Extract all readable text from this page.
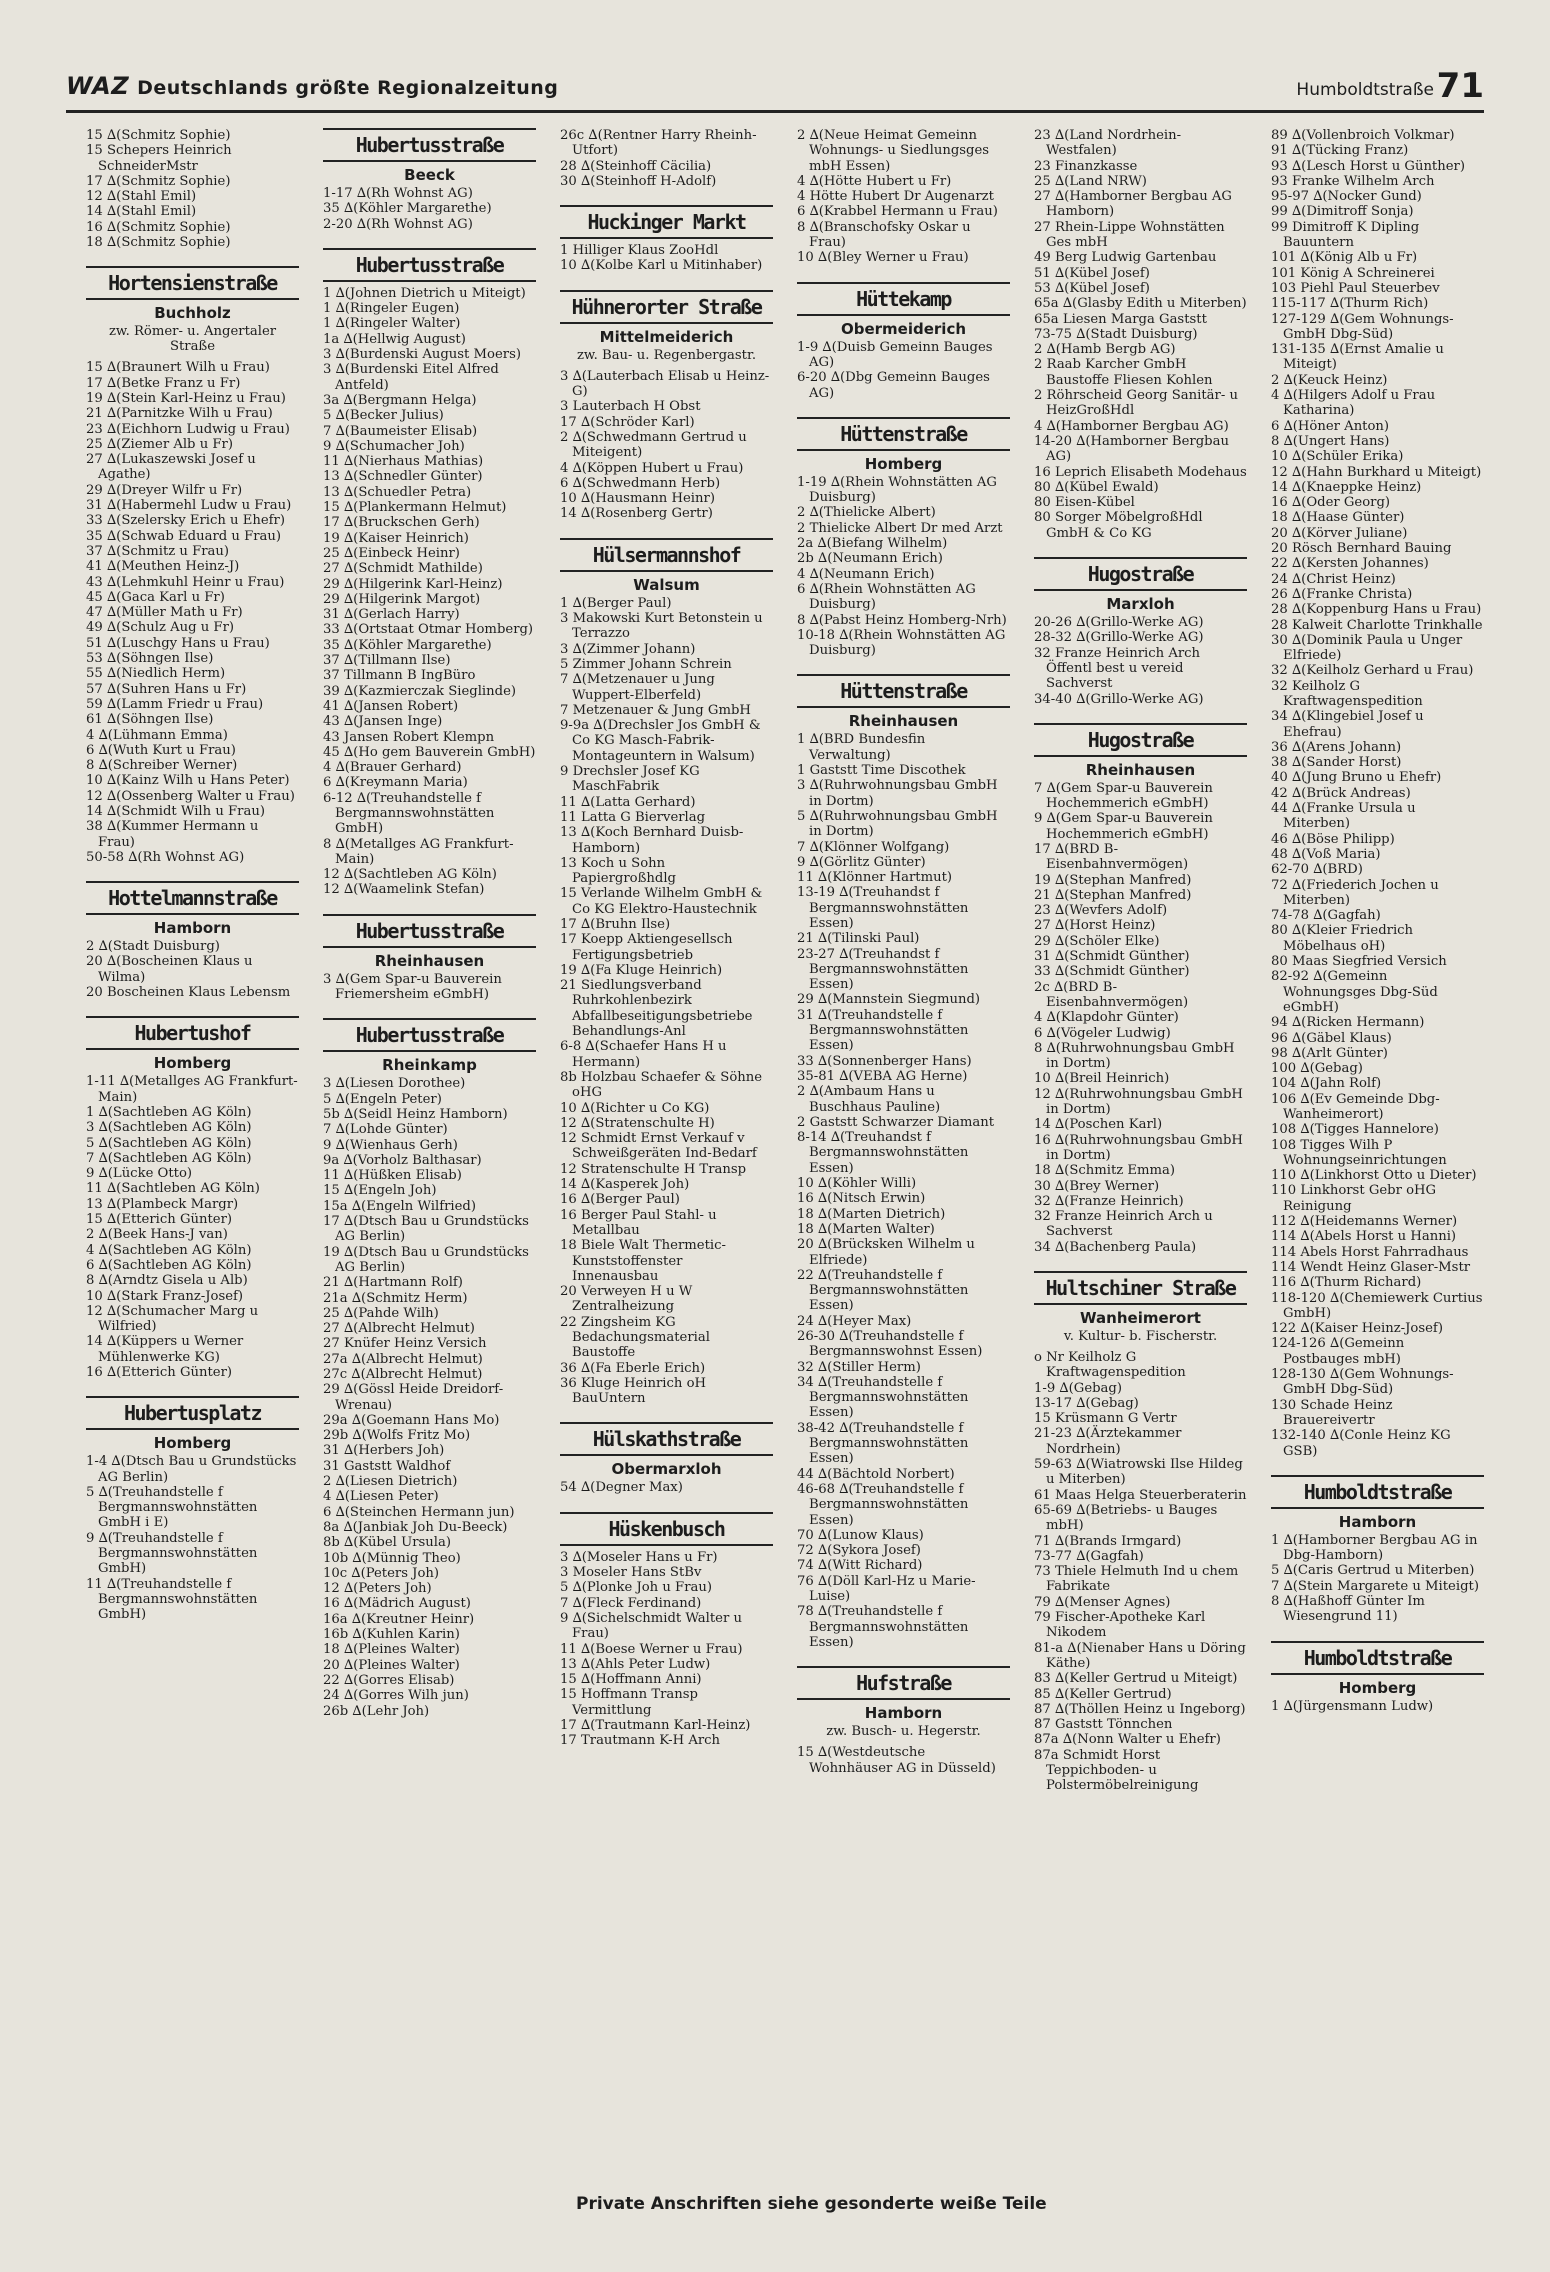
WAZ Deutschlands größte Regionalzeitung	Humboldtstraße 71
15 ∆(Schmitz Sophie)
15 Schepers Heinrich SchneiderMstr
17 ∆(Schmitz Sophie)
12 ∆(Stahl Emil)
14 ∆(Stahl Emil)
16 ∆(Schmitz Sophie)
18 ∆(Schmitz Sophie)
Hortensienstraße
Buchholz
zw. Römer- u. Angertaler Straße
15 ∆(Braunert Wilh u Frau)
17 ∆(Betke Franz u Fr)
19 ∆(Stein Karl-Heinz u Frau)
21 ∆(Parnitzke Wilh u Frau)
23 ∆(Eichhorn Ludwig u Frau)
25 ∆(Ziemer Alb u Fr)
27 ∆(Lukaszewski Josef u Agathe)
29 ∆(Dreyer Wilfr u Fr)
31 ∆(Habermehl Ludw u Frau)
33 ∆(Szelersky Erich u Ehefr)
35 ∆(Schwab Eduard u Frau)
37 ∆(Schmitz u Frau)
41 ∆(Meuthen Heinz-J)
43 ∆(Lehmkuhl Heinr u Frau)
45 ∆(Gaca Karl u Fr)
47 ∆(Müller Math u Fr)
49 ∆(Schulz Aug u Fr)
51 ∆(Luschgy Hans u Frau)
53 ∆(Söhngen Ilse)
55 ∆(Niedlich Herm)
57 ∆(Suhren Hans u Fr)
59 ∆(Lamm Friedr u Frau)
61 ∆(Söhngen Ilse)
4 ∆(Lühmann Emma)
6 ∆(Wuth Kurt u Frau)
8 ∆(Schreiber Werner)
10 ∆(Kainz Wilh u Hans Peter)
12 ∆(Ossenberg Walter u Frau)
14 ∆(Schmidt Wilh u Frau)
38 ∆(Kummer Hermann u Frau)
50-58 ∆(Rh Wohnst AG)
Hottelmannstraße
Hamborn
2 ∆(Stadt Duisburg)
20 ∆(Boscheinen Klaus u Wilma)
20 Boscheinen Klaus Lebensm
Hubertushof
Homberg
1-11 ∆(Metallges AG Frankfurt-Main)
1 ∆(Sachtleben AG Köln)
3 ∆(Sachtleben AG Köln)
5 ∆(Sachtleben AG Köln)
7 ∆(Sachtleben AG Köln)
9 ∆(Lücke Otto)
11 ∆(Sachtleben AG Köln)
13 ∆(Plambeck Margr)
15 ∆(Etterich Günter)
2 ∆(Beek Hans-J van)
4 ∆(Sachtleben AG Köln)
6 ∆(Sachtleben AG Köln)
8 ∆(Arndtz Gisela u Alb)
10 ∆(Stark Franz-Josef)
12 ∆(Schumacher Marg u Wilfried)
14 ∆(Küppers u Werner Mühlenwerke KG)
16 ∆(Etterich Günter)
Hubertusplatz
Homberg
1-4 ∆(Dtsch Bau u Grundstücks AG Berlin)
5 ∆(Treuhandstelle f Bergmannswohnstätten GmbH i E)
9 ∆(Treuhandstelle f Bergmannswohnstätten GmbH)
11 ∆(Treuhandstelle f Bergmannswohnstätten GmbH)
Hubertusstraße
Beeck
1-17 ∆(Rh Wohnst AG)
35 ∆(Köhler Margarethe)
2-20 ∆(Rh Wohnst AG)
Hubertusstraße
1 ∆(Johnen Dietrich u Miteigt)
1 ∆(Ringeler Eugen)
1 ∆(Ringeler Walter)
1a ∆(Hellwig August)
3 ∆(Burdenski August Moers)
3 ∆(Burdenski Eitel Alfred Antfeld)
3a ∆(Bergmann Helga)
5 ∆(Becker Julius)
7 ∆(Baumeister Elisab)
9 ∆(Schumacher Joh)
11 ∆(Nierhaus Mathias)
13 ∆(Schnedler Günter)
13 ∆(Schuedler Petra)
15 ∆(Plankermann Helmut)
17 ∆(Bruckschen Gerh)
19 ∆(Kaiser Heinrich)
25 ∆(Einbeck Heinr)
27 ∆(Schmidt Mathilde)
29 ∆(Hilgerink Karl-Heinz)
29 ∆(Hilgerink Margot)
31 ∆(Gerlach Harry)
33 ∆(Ortstaat Otmar Homberg)
35 ∆(Köhler Margarethe)
37 ∆(Tillmann Ilse)
37 Tillmann B IngBüro
39 ∆(Kazmierczak Sieglinde)
41 ∆(Jansen Robert)
43 ∆(Jansen Inge)
43 Jansen Robert Klempn
45 ∆(Ho gem Bauverein GmbH)
4 ∆(Brauer Gerhard)
6 ∆(Kreymann Maria)
6-12 ∆(Treuhandstelle f Bergmannswohnstätten GmbH)
8 ∆(Metallges AG Frankfurt-Main)
12 ∆(Sachtleben AG Köln)
12 ∆(Waamelink Stefan)
Hubertusstraße
Rheinhausen
3 ∆(Gem Spar-u Bauverein Friemersheim eGmbH)
Hubertusstraße
Rheinkamp
3 ∆(Liesen Dorothee)
5 ∆(Engeln Peter)
5b ∆(Seidl Heinz Hamborn)
7 ∆(Lohde Günter)
9 ∆(Wienhaus Gerh)
9a ∆(Vorholz Balthasar)
11 ∆(Hüßken Elisab)
15 ∆(Engeln Joh)
15a ∆(Engeln Wilfried)
17 ∆(Dtsch Bau u Grundstücks AG Berlin)
19 ∆(Dtsch Bau u Grundstücks AG Berlin)
21 ∆(Hartmann Rolf)
21a ∆(Schmitz Herm)
25 ∆(Pahde Wilh)
27 ∆(Albrecht Helmut)
27 Knüfer Heinz Versich
27a ∆(Albrecht Helmut)
27c ∆(Albrecht Helmut)
29 ∆(Gössl Heide Dreidorf-Wrenau)
29a ∆(Goemann Hans Mo)
29b ∆(Wolfs Fritz Mo)
31 ∆(Herbers Joh)
31 Gaststt Waldhof
2 ∆(Liesen Dietrich)
4 ∆(Liesen Peter)
6 ∆(Steinchen Hermann jun)
8a ∆(Janbiak Joh Du-Beeck)
8b ∆(Kübel Ursula)
10b ∆(Münnig Theo)
10c ∆(Peters Joh)
12 ∆(Peters Joh)
16 ∆(Mädrich August)
16a ∆(Kreutner Heinr)
16b ∆(Kuhlen Karin)
18 ∆(Pleines Walter)
20 ∆(Pleines Walter)
22 ∆(Gorres Elisab)
24 ∆(Gorres Wilh jun)
26b ∆(Lehr Joh)
26c ∆(Rentner Harry Rheinh-Utfort)
28 ∆(Steinhoff Cäcilia)
30 ∆(Steinhoff H-Adolf)
Huckinger Markt
1 Hilliger Klaus ZooHdl
10 ∆(Kolbe Karl u Mitinhaber)
Hühnerorter Straße
Mittelmeiderich
zw. Bau- u. Regenbergastr.
3 ∆(Lauterbach Elisab u Heinz-G)
3 Lauterbach H Obst
17 ∆(Schröder Karl)
2 ∆(Schwedmann Gertrud u Miteigent)
4 ∆(Köppen Hubert u Frau)
6 ∆(Schwedmann Herb)
10 ∆(Hausmann Heinr)
14 ∆(Rosenberg Gertr)
Hülsermannshof
Walsum
1 ∆(Berger Paul)
3 Makowski Kurt Betonstein u Terrazzo
3 ∆(Zimmer Johann)
5 Zimmer Johann Schrein
7 ∆(Metzenauer u Jung Wuppert-Elberfeld)
7 Metzenauer & Jung GmbH
9-9a ∆(Drechsler Jos GmbH & Co KG Masch-Fabrik-Montageuntern in Walsum)
9 Drechsler Josef KG MaschFabrik
11 ∆(Latta Gerhard)
11 Latta G Bierverlag
13 ∆(Koch Bernhard Duisb-Hamborn)
13 Koch u Sohn Papiergroßhdlg
15 Verlande Wilhelm GmbH & Co KG Elektro-Haustechnik
17 ∆(Bruhn Ilse)
17 Koepp Aktiengesellsch Fertigungsbetrieb
19 ∆(Fa Kluge Heinrich)
21 Siedlungsverband Ruhrkohlenbezirk Abfallbeseitigungsbetriebe Behandlungs-Anl
6-8 ∆(Schaefer Hans H u Hermann)
8b Holzbau Schaefer & Söhne oHG
10 ∆(Richter u Co KG)
12 ∆(Stratenschulte H)
12 Schmidt Ernst Verkauf v Schweißgeräten Ind-Bedarf
12 Stratenschulte H Transp
14 ∆(Kasperek Joh)
16 ∆(Berger Paul)
16 Berger Paul Stahl- u Metallbau
18 Biele Walt Thermetic-Kunststoffenster Innenausbau
20 Verweyen H u W Zentralheizung
22 Zingsheim KG Bedachungsmaterial Baustoffe
36 ∆(Fa Eberle Erich)
36 Kluge Heinrich oH BauUntern
Hülskathstraße
Obermarxloh
54 ∆(Degner Max)
Hüskenbusch
3 ∆(Moseler Hans u Fr)
3 Moseler Hans StBv
5 ∆(Plonke Joh u Frau)
7 ∆(Fleck Ferdinand)
9 ∆(Sichelschmidt Walter u Frau)
11 ∆(Boese Werner u Frau)
13 ∆(Ahls Peter Ludw)
15 ∆(Hoffmann Anni)
15 Hoffmann Transp Vermittlung
17 ∆(Trautmann Karl-Heinz)
17 Trautmann K-H Arch
2 ∆(Neue Heimat Gemeinn Wohnungs- u Siedlungsges mbH Essen)
4 ∆(Hötte Hubert u Fr)
4 Hötte Hubert Dr Augenarzt
6 ∆(Krabbel Hermann u Frau)
8 ∆(Branschofsky Oskar u Frau)
10 ∆(Bley Werner u Frau)
Hüttekamp
Obermeiderich
1-9 ∆(Duisb Gemeinn Bauges AG)
6-20 ∆(Dbg Gemeinn Bauges AG)
Hüttenstraße
Homberg
1-19 ∆(Rhein Wohnstätten AG Duisburg)
2 ∆(Thielicke Albert)
2 Thielicke Albert Dr med Arzt
2a ∆(Biefang Wilhelm)
2b ∆(Neumann Erich)
4 ∆(Neumann Erich)
6 ∆(Rhein Wohnstätten AG Duisburg)
8 ∆(Pabst Heinz Homberg-Nrh)
10-18 ∆(Rhein Wohnstätten AG Duisburg)
Hüttenstraße
Rheinhausen
1 ∆(BRD Bundesfin Verwaltung)
1 Gaststt Time Discothek
3 ∆(Ruhrwohnungsbau GmbH in Dortm)
5 ∆(Ruhrwohnungsbau GmbH in Dortm)
7 ∆(Klönner Wolfgang)
9 ∆(Görlitz Günter)
11 ∆(Klönner Hartmut)
13-19 ∆(Treuhandst f Bergmannswohnstätten Essen)
21 ∆(Tilinski Paul)
23-27 ∆(Treuhandst f Bergmannswohnstätten Essen)
29 ∆(Mannstein Siegmund)
31 ∆(Treuhandstelle f Bergmannswohnstätten Essen)
33 ∆(Sonnenberger Hans)
35-81 ∆(VEBA AG Herne)
2 ∆(Ambaum Hans u Buschhaus Pauline)
2 Gaststt Schwarzer Diamant
8-14 ∆(Treuhandst f Bergmannswohnstätten Essen)
10 ∆(Köhler Willi)
16 ∆(Nitsch Erwin)
18 ∆(Marten Dietrich)
18 ∆(Marten Walter)
20 ∆(Brücksken Wilhelm u Elfriede)
22 ∆(Treuhandstelle f Bergmannswohnstätten Essen)
24 ∆(Heyer Max)
26-30 ∆(Treuhandstelle f Bergmannswohnst Essen)
32 ∆(Stiller Herm)
34 ∆(Treuhandstelle f Bergmannswohnstätten Essen)
38-42 ∆(Treuhandstelle f Bergmannswohnstätten Essen)
44 ∆(Bächtold Norbert)
46-68 ∆(Treuhandstelle f Bergmannswohnstätten Essen)
70 ∆(Lunow Klaus)
72 ∆(Sykora Josef)
74 ∆(Witt Richard)
76 ∆(Döll Karl-Hz u Marie-Luise)
78 ∆(Treuhandstelle f Bergmannswohnstätten Essen)
Hufstraße
Hamborn
zw. Busch- u. Hegerstr.
15 ∆(Westdeutsche Wohnhäuser AG in Düsseld)
23 ∆(Land Nordrhein-Westfalen)
23 Finanzkasse
25 ∆(Land NRW)
27 ∆(Hamborner Bergbau AG Hamborn)
27 Rhein-Lippe Wohnstätten Ges mbH
49 Berg Ludwig Gartenbau
51 ∆(Kübel Josef)
53 ∆(Kübel Josef)
65a ∆(Glasby Edith u Miterben)
65a Liesen Marga Gaststt
73-75 ∆(Stadt Duisburg)
2 ∆(Hamb Bergb AG)
2 Raab Karcher GmbH Baustoffe Fliesen Kohlen
2 Röhrscheid Georg Sanitär- u HeizGroßHdl
4 ∆(Hamborner Bergbau AG)
14-20 ∆(Hamborner Bergbau AG)
16 Leprich Elisabeth Modehaus
80 ∆(Kübel Ewald)
80 Eisen-Kübel
80 Sorger MöbelgroßHdl GmbH & Co KG
Hugostraße
Marxloh
20-26 ∆(Grillo-Werke AG)
28-32 ∆(Grillo-Werke AG)
32 Franze Heinrich Arch Öffentl best u vereid Sachverst
34-40 ∆(Grillo-Werke AG)
Hugostraße
Rheinhausen
7 ∆(Gem Spar-u Bauverein Hochemmerich eGmbH)
9 ∆(Gem Spar-u Bauverein Hochemmerich eGmbH)
17 ∆(BRD B-Eisenbahnvermögen)
19 ∆(Stephan Manfred)
21 ∆(Stephan Manfred)
23 ∆(Wevfers Adolf)
27 ∆(Horst Heinz)
29 ∆(Schöler Elke)
31 ∆(Schmidt Günther)
33 ∆(Schmidt Günther)
2c ∆(BRD B-Eisenbahnvermögen)
4 ∆(Klapdohr Günter)
6 ∆(Vögeler Ludwig)
8 ∆(Ruhrwohnungsbau GmbH in Dortm)
10 ∆(Breil Heinrich)
12 ∆(Ruhrwohnungsbau GmbH in Dortm)
14 ∆(Poschen Karl)
16 ∆(Ruhrwohnungsbau GmbH in Dortm)
18 ∆(Schmitz Emma)
30 ∆(Brey Werner)
32 ∆(Franze Heinrich)
32 Franze Heinrich Arch u Sachverst
34 ∆(Bachenberg Paula)
Hultschiner Straße
Wanheimerort
v. Kultur- b. Fischerstr.
o Nr Keilholz G Kraftwagenspedition
1-9 ∆(Gebag)
13-17 ∆(Gebag)
15 Krüsmann G Vertr
21-23 ∆(Ärztekammer Nordrhein)
59-63 ∆(Wiatrowski Ilse Hildeg u Miterben)
61 Maas Helga Steuerberaterin
65-69 ∆(Betriebs- u Bauges mbH)
71 ∆(Brands Irmgard)
73-77 ∆(Gagfah)
73 Thiele Helmuth Ind u chem Fabrikate
79 ∆(Menser Agnes)
79 Fischer-Apotheke Karl Nikodem
81-a ∆(Nienaber Hans u Döring Käthe)
83 ∆(Keller Gertrud u Miteigt)
85 ∆(Keller Gertrud)
87 ∆(Thöllen Heinz u Ingeborg)
87 Gaststt Tönnchen
87a ∆(Nonn Walter u Ehefr)
87a Schmidt Horst Teppichboden- u Polstermöbelreinigung
89 ∆(Vollenbroich Volkmar)
91 ∆(Tücking Franz)
93 ∆(Lesch Horst u Günther)
93 Franke Wilhelm Arch
95-97 ∆(Nocker Gund)
99 ∆(Dimitroff Sonja)
99 Dimitroff K Dipling Bauuntern
101 ∆(König Alb u Fr)
101 König A Schreinerei
103 Piehl Paul Steuerbev
115-117 ∆(Thurm Rich)
127-129 ∆(Gem Wohnungs-GmbH Dbg-Süd)
131-135 ∆(Ernst Amalie u Miteigt)
2 ∆(Keuck Heinz)
4 ∆(Hilgers Adolf u Frau Katharina)
6 ∆(Höner Anton)
8 ∆(Ungert Hans)
10 ∆(Schüler Erika)
12 ∆(Hahn Burkhard u Miteigt)
14 ∆(Knaeppke Heinz)
16 ∆(Oder Georg)
18 ∆(Haase Günter)
20 ∆(Körver Juliane)
20 Rösch Bernhard Bauing
22 ∆(Kersten Johannes)
24 ∆(Christ Heinz)
26 ∆(Franke Christa)
28 ∆(Koppenburg Hans u Frau)
28 Kalweit Charlotte Trinkhalle
30 ∆(Dominik Paula u Unger Elfriede)
32 ∆(Keilholz Gerhard u Frau)
32 Keilholz G Kraftwagenspedition
34 ∆(Klingebiel Josef u Ehefrau)
36 ∆(Arens Johann)
38 ∆(Sander Horst)
40 ∆(Jung Bruno u Ehefr)
42 ∆(Brück Andreas)
44 ∆(Franke Ursula u Miterben)
46 ∆(Böse Philipp)
48 ∆(Voß Maria)
62-70 ∆(BRD)
72 ∆(Friederich Jochen u Miterben)
74-78 ∆(Gagfah)
80 ∆(Kleier Friedrich Möbelhaus oH)
80 Maas Siegfried Versich
82-92 ∆(Gemeinn Wohnungsges Dbg-Süd eGmbH)
94 ∆(Ricken Hermann)
96 ∆(Gäbel Klaus)
98 ∆(Arlt Günter)
100 ∆(Gebag)
104 ∆(Jahn Rolf)
106 ∆(Ev Gemeinde Dbg-Wanheimerort)
108 ∆(Tigges Hannelore)
108 Tigges Wilh P Wohnungseinrichtungen
110 ∆(Linkhorst Otto u Dieter)
110 Linkhorst Gebr oHG Reinigung
112 ∆(Heidemanns Werner)
114 ∆(Abels Horst u Hanni)
114 Abels Horst Fahrradhaus
114 Wendt Heinz Glaser-Mstr
116 ∆(Thurm Richard)
118-120 ∆(Chemiewerk Curtius GmbH)
122 ∆(Kaiser Heinz-Josef)
124-126 ∆(Gemeinn Postbauges mbH)
128-130 ∆(Gem Wohnungs-GmbH Dbg-Süd)
130 Schade Heinz Brauereivertr
132-140 ∆(Conle Heinz KG GSB)
Humboldtstraße
Hamborn
1 ∆(Hamborner Bergbau AG in Dbg-Hamborn)
5 ∆(Caris Gertrud u Miterben)
7 ∆(Stein Margarete u Miteigt)
8 ∆(Haßhoff Günter Im Wiesengrund 11)
Humboldtstraße
Homberg
1 ∆(Jürgensmann Ludw)
Private Anschriften siehe gesonderte weiße Teile
